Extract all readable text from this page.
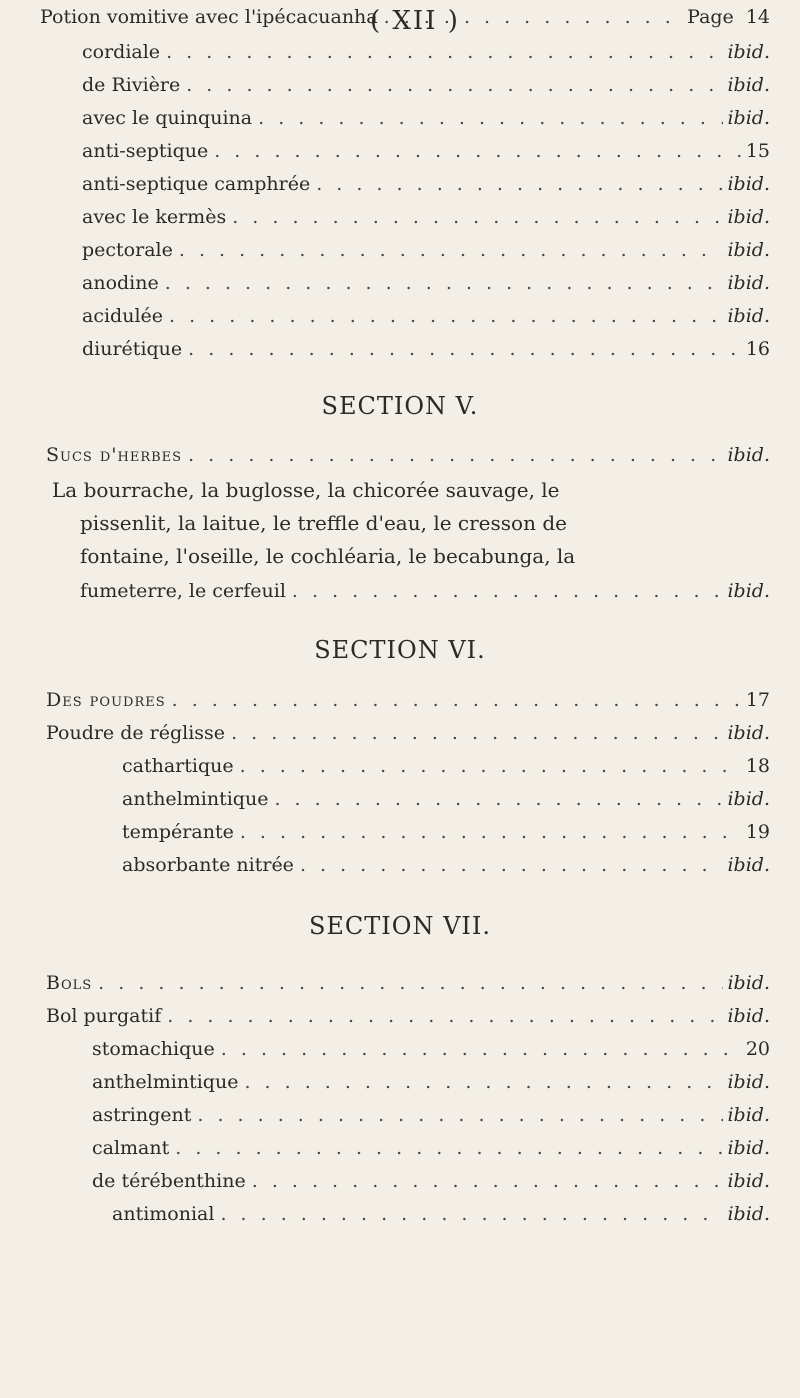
( XII )
Potion vomitive avec l'ipécacuanha . . .	Page 14
cordiale . . .	ibid.
de Rivière . . .	ibid.
avec le quinquina . . .	ibid.
anti-septique . . .	15
anti-septique camphrée . . .	ibid.
avec le kermès . . .	ibid.
pectorale . . .	ibid.
anodine . . .	ibid.
acidulée . . .	ibid.
diurétique . . .	16
SECTION V.
Sucs d'herbes . . .	ibid.
La bourrache, la buglosse, la chicorée sauvage, le
pissenlit, la laitue, le treffle d'eau, le cresson de
fontaine, l'oseille, le cochléaria, le becabunga, la
fumeterre, le cerfeuil . . .	ibid.
SECTION VI.
Des poudres . . .	17
Poudre de réglisse . . .	ibid.
cathartique . . .	18
anthelmintique . . .	ibid.
tempérante . . .	19
absorbante nitrée . . .	ibid.
SECTION VII.
Bols . . .	ibid.
Bol purgatif . . .	ibid.
stomachique . . .	20
anthelmintique . . .	ibid.
astringent . . .	ibid.
calmant . . .	ibid.
de térébenthine . . .	ibid.
antimonial . . .	ibid.
